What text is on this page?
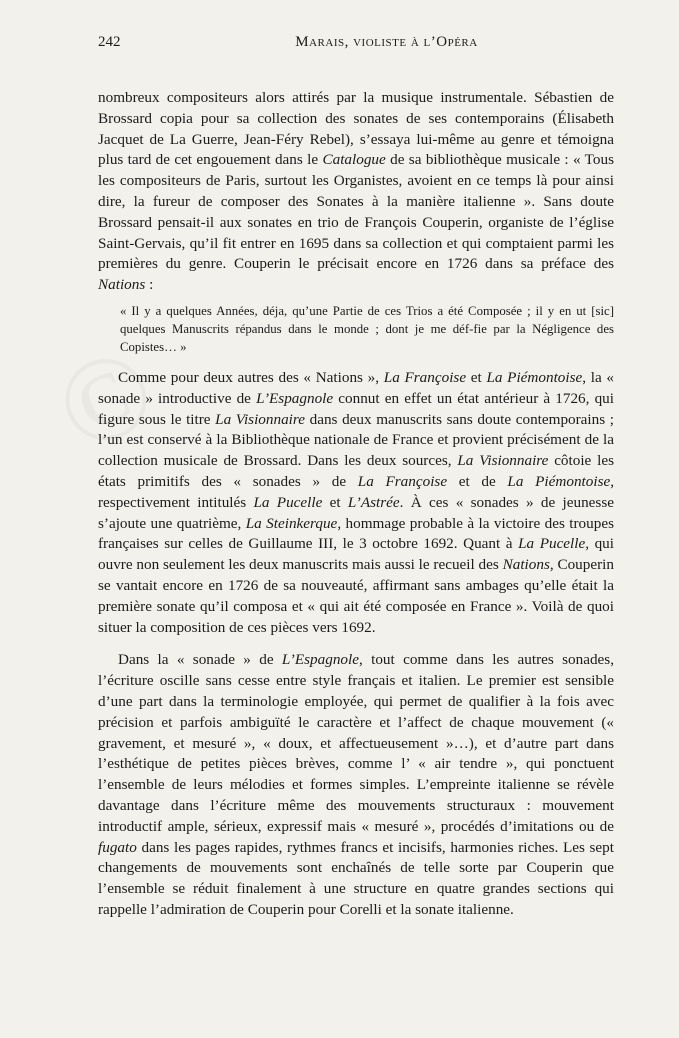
242	Marais, violiste à l’Opéra

nombreux compositeurs alors attirés par la musique instrumentale. Sébastien de Brossard copia pour sa collection des sonates de ses contemporains (Élisabeth Jacquet de La Guerre, Jean-Féry Rebel), s’essaya lui-même au genre et témoigna plus tard de cet engouement dans le Catalogue de sa bibliothèque musicale : « Tous les compositeurs de Paris, surtout les Organistes, avoient en ce temps là pour ainsi dire, la fureur de composer des Sonates à la manière italienne ». Sans doute Brossard pensait-il aux sonates en trio de François Couperin, organiste de l’église Saint-Gervais, qu’il fit entrer en 1695 dans sa collection et qui comptaient parmi les premières du genre. Couperin le précisait encore en 1726 dans sa préface des Nations :

« Il y a quelques Années, déja, qu’une Partie de ces Trios a été Composée ; il y en ut [sic] quelques Manuscrits répandus dans le monde ; dont je me déf-fie par la Négligence des Copistes… »

Comme pour deux autres des « Nations », La Françoise et La Piémontoise, la « sonade » introductive de L’Espagnole connut en effet un état antérieur à 1726, qui figure sous le titre La Visionnaire dans deux manuscrits sans doute contemporains ; l’un est conservé à la Bibliothèque nationale de France et provient précisément de la collection musicale de Brossard. Dans les deux sources, La Visionnaire côtoie les états primitifs des « sonades » de La Françoise et de La Piémontoise, respectivement intitulés La Pucelle et L’Astrée. À ces « sonades » de jeunesse s’ajoute une quatrième, La Steinkerque, hommage probable à la victoire des troupes françaises sur celles de Guillaume III, le 3 octobre 1692. Quant à La Pucelle, qui ouvre non seulement les deux manuscrits mais aussi le recueil des Nations, Couperin se vantait encore en 1726 de sa nouveauté, affirmant sans ambages qu’elle était la première sonate qu’il composa et « qui ait été composée en France ». Voilà de quoi situer la composition de ces pièces vers 1692.

Dans la « sonade » de L’Espagnole, tout comme dans les autres sonades, l’écriture oscille sans cesse entre style français et italien. Le premier est sensible d’une part dans la terminologie employée, qui permet de qualifier à la fois avec précision et parfois ambiguïté le caractère et l’affect de chaque mouvement (« gravement, et mesuré », « doux, et affectueusement »…), et d’autre part dans l’esthétique de petites pièces brèves, comme l’ « air tendre », qui ponctuent l’ensemble de leurs mélodies et formes simples. L’empreinte italienne se révèle davantage dans l’écriture même des mouvements structuraux : mouvement introductif ample, sérieux, expressif mais « mesuré », procédés d’imitations ou de fugato dans les pages rapides, rythmes francs et incisifs, harmonies riches. Les sept changements de mouvements sont enchaînés de telle sorte par Couperin que l’ensemble se réduit finalement à une structure en quatre grandes sections qui rappelle l’admiration de Couperin pour Corelli et la sonate italienne.
